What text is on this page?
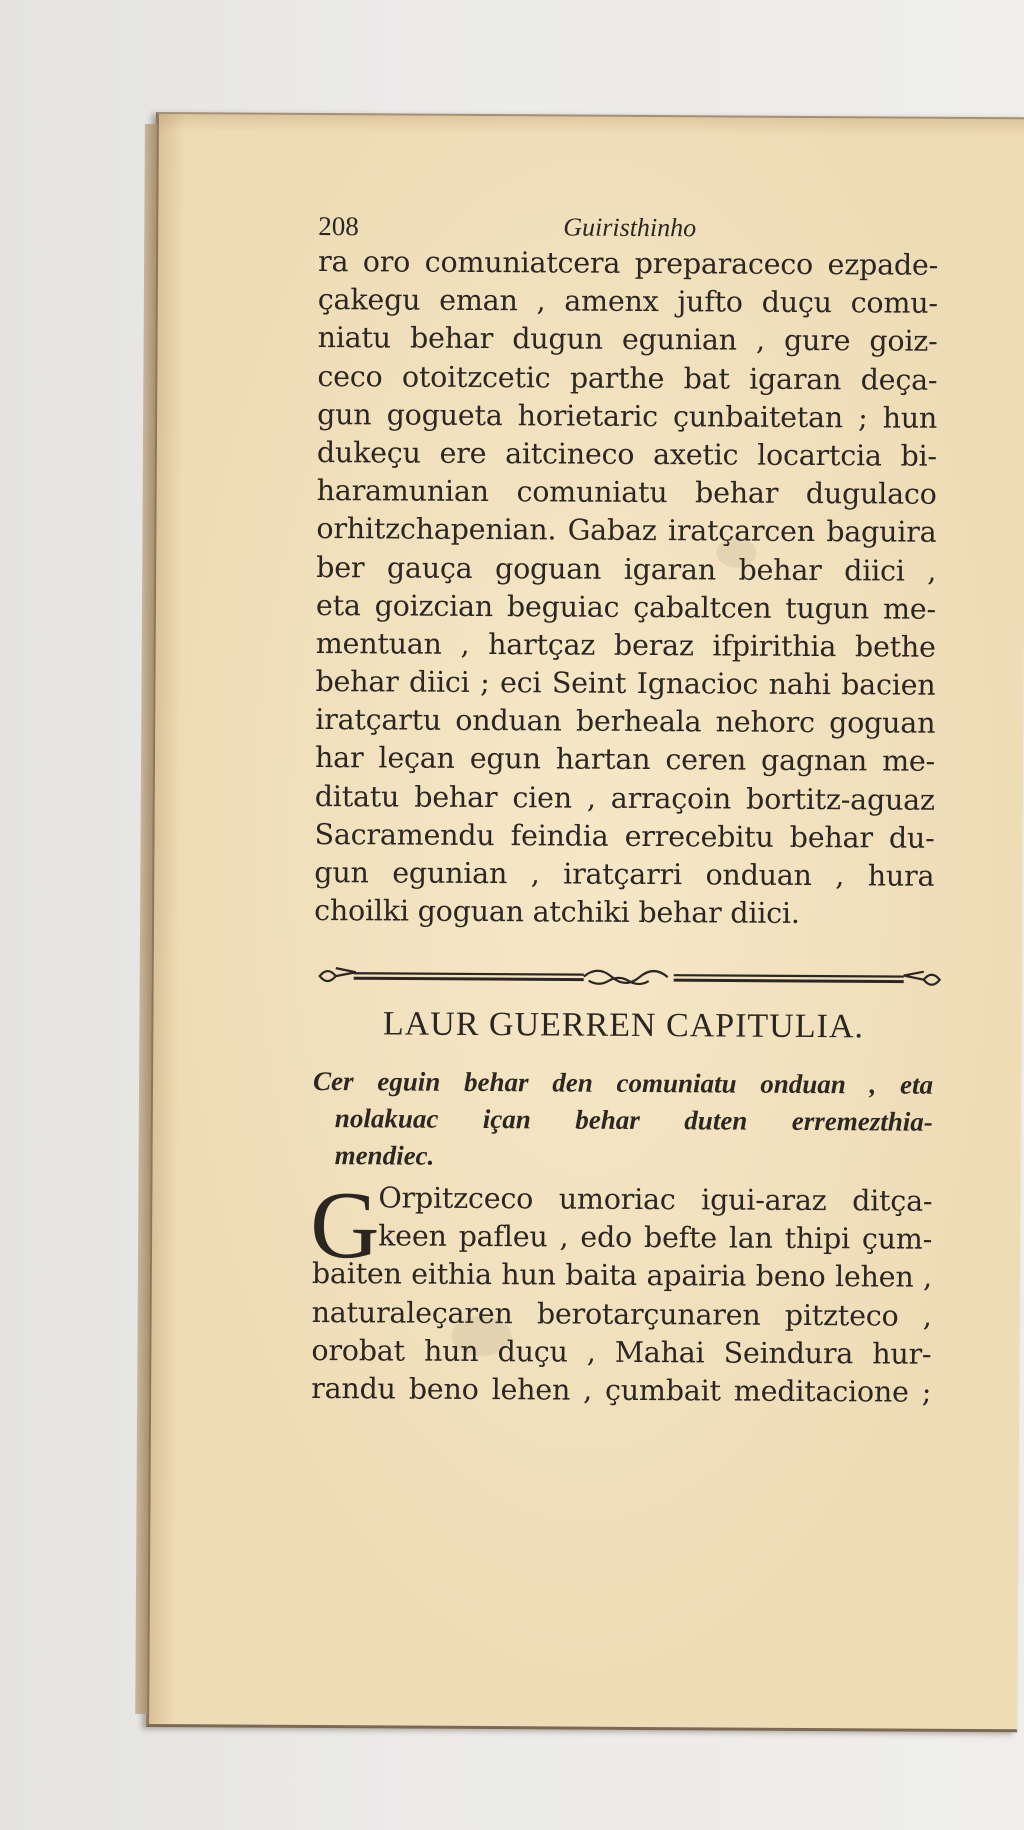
208	Guiristhinho
ra oro comuniatcera preparaceco ezpade-
çakegu eman , amenx jufto duçu comu-
niatu behar dugun egunian , gure goiz-
ceco otoitzcetic parthe bat igaran deça-
gun gogueta horietaric çunbaitetan ; hun
dukeçu ere aitcineco axetic locartcia bi-
haramunian comuniatu behar dugulaco
orhitzchapenian. Gabaz iratçarcen baguira
ber gauça goguan igaran behar diici ,
eta goizcian beguiac çabaltcen tugun me-
mentuan , hartçaz beraz ifpirithia bethe
behar diici ; eci Seint Ignacioc nahi bacien
iratçartu onduan berheala nehorc goguan
har leçan egun hartan ceren gagnan me-
ditatu behar cien , arraçoin bortitz-aguaz
Sacramendu feindia errecebitu behar du-
gun egunian , iratçarri onduan , hura
choilki goguan atchiki behar diici.
LAUR GUERREN CAPITULIA.
Cer eguin behar den comuniatu onduan , eta
nolakuac içan behar duten erremezthia-
mendiec.
G
Orpitzceco umoriac igui-araz ditça-
keen pafleu , edo befte lan thipi çum-
baiten eithia hun baita apairia beno lehen ,
naturaleçaren berotarçunaren pitzteco ,
orobat hun duçu , Mahai Seindura hur-
randu beno lehen , çumbait meditacione ;
